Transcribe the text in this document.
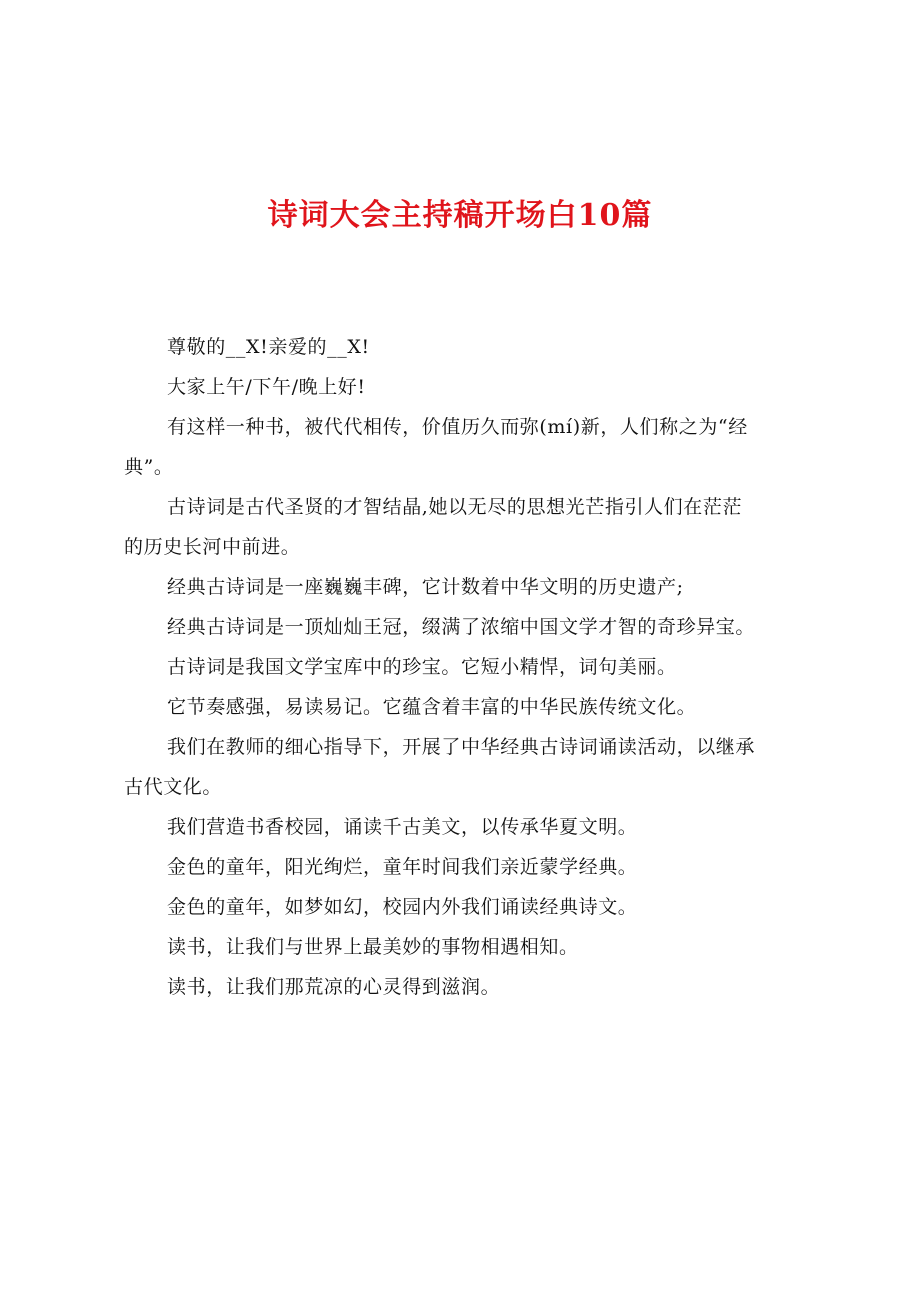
诗词大会主持稿开场白10篇

尊敬的__X!亲爱的__X!

大家上午/下午/晚上好!

有这样一种书，被代代相传，价值历久而弥(mí)新，人们称之为“经
典”。

古诗词是古代圣贤的才智结晶,她以无尽的思想光芒指引人们在茫茫
的历史长河中前进。

经典古诗词是一座巍巍丰碑，它计数着中华文明的历史遗产;

经典古诗词是一顶灿灿王冠，缀满了浓缩中国文学才智的奇珍异宝。

古诗词是我国文学宝库中的珍宝。它短小精悍，词句美丽。

它节奏感强，易读易记。它蕴含着丰富的中华民族传统文化。

我们在教师的细心指导下，开展了中华经典古诗词诵读活动，以继承
古代文化。

我们营造书香校园，诵读千古美文，以传承华夏文明。

金色的童年，阳光绚烂，童年时间我们亲近蒙学经典。

金色的童年，如梦如幻，校园内外我们诵读经典诗文。

读书，让我们与世界上最美妙的事物相遇相知。

读书，让我们那荒凉的心灵得到滋润。
